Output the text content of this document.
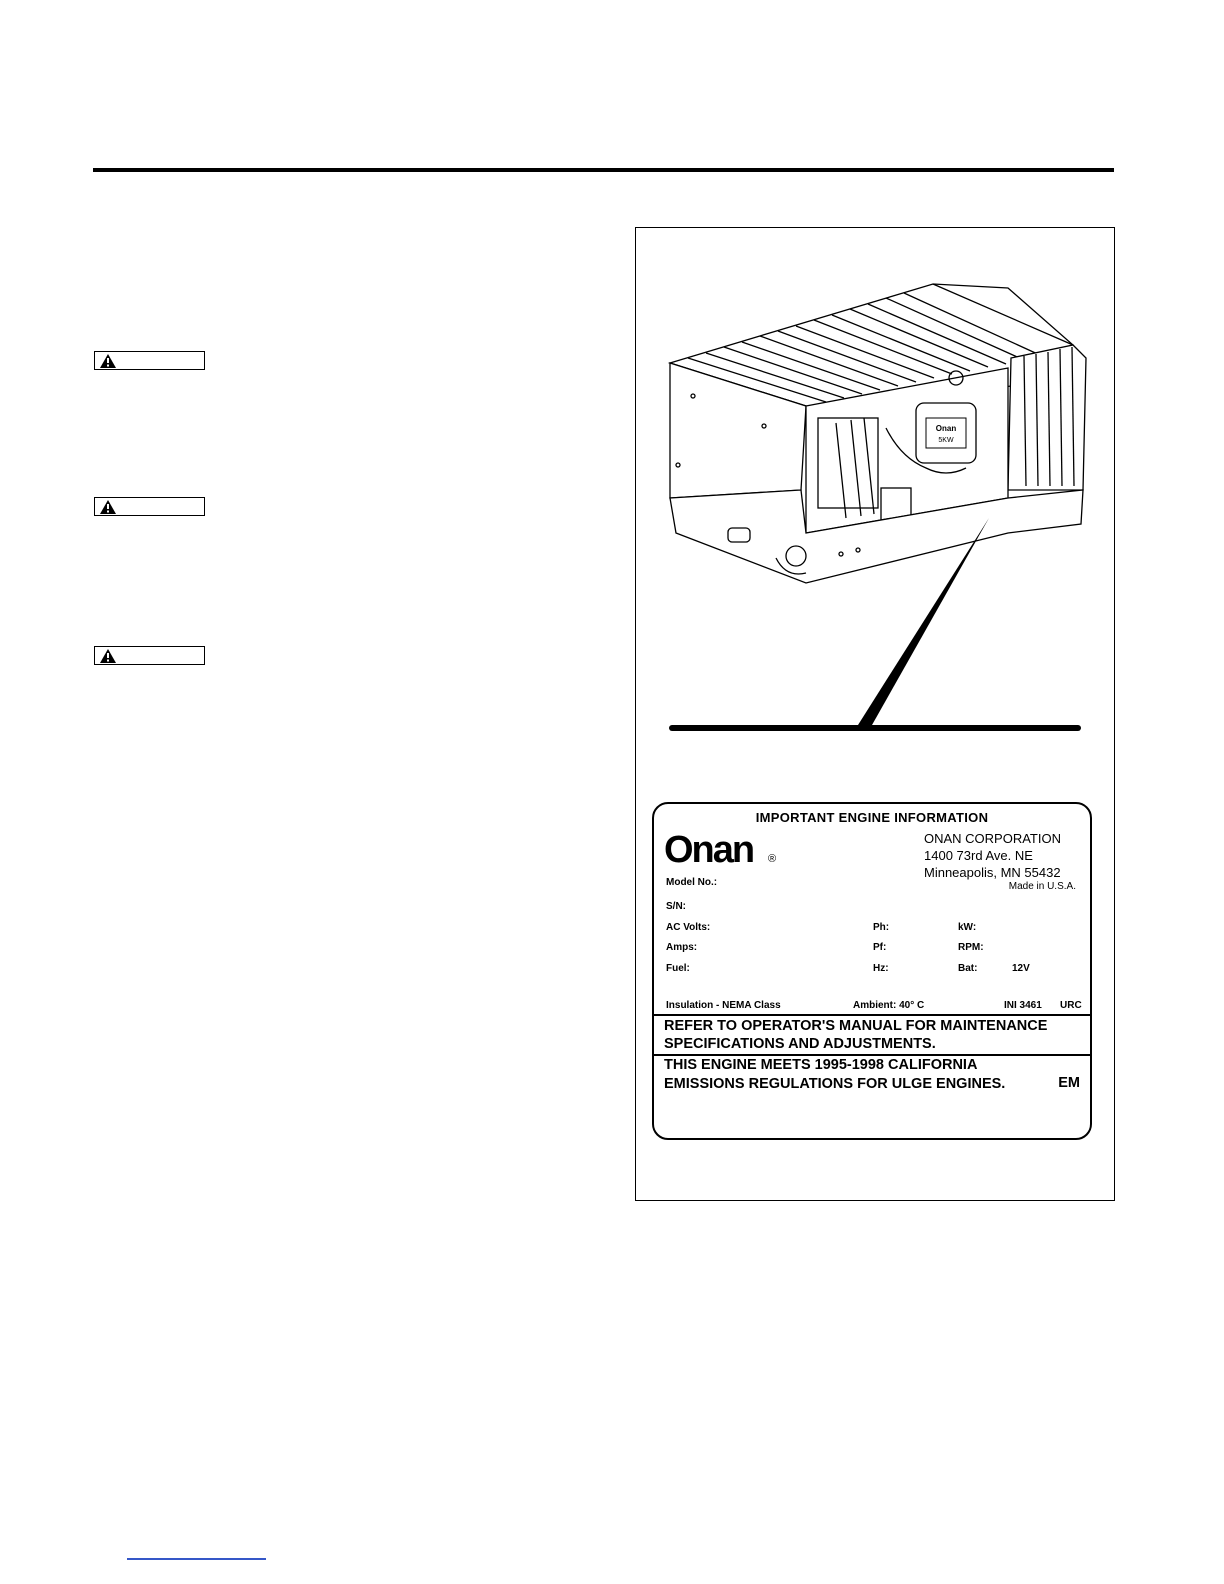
Onan
5KW
IMPORTANT ENGINE INFORMATION
Onan ®
ONAN CORPORATION
1400 73rd Ave. NE
Minneapolis, MN 55432
Made in U.S.A.
Model No.:
S/N:
AC Volts:	Ph:	kW:
Amps:	Pf:	RPM:
Fuel:	Hz:	Bat:	12V
Insulation - NEMA Class	Ambient: 40° C	INI 3461 URC
REFER TO OPERATOR'S MANUAL FOR MAINTENANCE
SPECIFICATIONS AND ADJUSTMENTS.
THIS ENGINE MEETS 1995-1998 CALIFORNIA
EMISSIONS REGULATIONS FOR ULGE ENGINES.	EM
